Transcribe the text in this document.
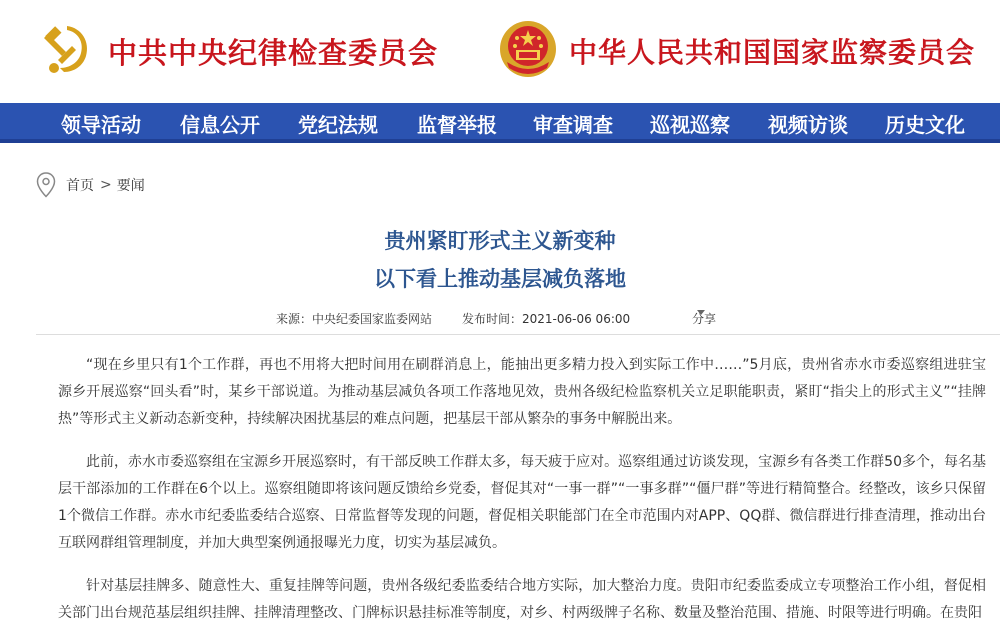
中共中央纪律检查委员会	中华人民共和国国家监察委员会
领导活动 信息公开 党纪法规 监督举报 审查调查 巡视巡察 视频访谈 历史文化
首页 > 要闻
贵州紧盯形式主义新变种
以下看上推动基层减负落地
来源：中央纪委国家监委网站 发布时间：2021-06-06 06:00	分享

“现在乡里只有1个工作群，再也不用将大把时间用在刷群消息上，能抽出更多精力投入到实际工作中……”5月底，贵州省赤水市委巡察组进驻宝源乡开展巡察“回头看”时，某乡干部说道。为推动基层减负各项工作落地见效，贵州各级纪检监察机关立足职能职责，紧盯“指尖上的形式主义”“挂牌热”等形式主义新动态新变种，持续解决困扰基层的难点问题，把基层干部从繁杂的事务中解脱出来。

此前，赤水市委巡察组在宝源乡开展巡察时，有干部反映工作群太多，每天疲于应对。巡察组通过访谈发现，宝源乡有各类工作群50多个，每名基层干部添加的工作群在6个以上。巡察组随即将该问题反馈给乡党委，督促其对“一事一群”“一事多群”“僵尸群”等进行精简整合。经整改，该乡只保留1个微信工作群。赤水市纪委监委结合巡察、日常监督等发现的问题，督促相关职能部门在全市范围内对APP、QQ群、微信群进行排查清理，推动出台互联网群组管理制度，并加大典型案例通报曝光力度，切实为基层减负。

针对基层挂牌多、随意性大、重复挂牌等问题，贵州各级纪委监委结合地方实际，加大整治力度。贵阳市纪委监委成立专项整治工作小组，督促相关部门出台规范基层组织挂牌、挂牌清理整改、门牌标识悬挂标准等制度，对乡、村两级牌子名称、数量及整治范围、措施、时限等进行明确。在贵阳
